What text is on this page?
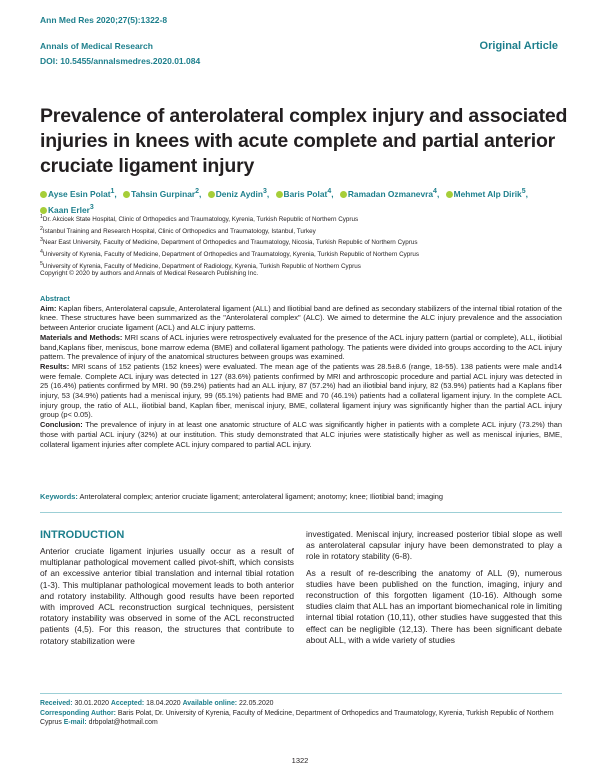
Ann Med Res 2020;27(5):1322-8
Annals of Medical Research
DOI: 10.5455/annalsmedres.2020.01.084
Original Article
Prevalence of anterolateral complex injury and associated injuries in knees with acute complete and partial anterior cruciate ligament injury
Ayse Esin Polat$^1$, Tahsin Gurpinar$^2$, Deniz Aydin$^3$, Baris Polat$^4$, Ramadan Ozmanevra$^4$, Mehmet Alp Dirik$^5$, Kaan Erler$^3$
$^1$Dr. Akcicek State Hospital, Clinic of Orthopedics and Traumatology, Kyrenia, Turkish Republic of Northern Cyprus
$^2$Istanbul Training and Research Hospital, Clinic of Orthopedics and Traumatology, Istanbul, Turkey
$^3$Near East University, Faculty of Medicine, Department of Orthopedics and Traumatology, Nicosia, Turkish Republic of Northern Cyprus
$^4$University of Kyrenia, Faculty of Medicine, Department of Orthopedics and Traumatology, Kyrenia, Turkish Republic of Northern Cyprus
$^5$University of Kyrenia, Faculty of Medicine, Department of Radiology, Kyrenia, Turkish Republic of Northern Cyprus
Copyright © 2020 by authors and Annals of Medical Research Publishing Inc.

Abstract

Aim: Kaplan fibers, Anterolateral capsule, Anterolateral ligament (ALL) and Iliotibial band are defined as secondary stabilizers of the internal tibial rotation of the knee. These structures have been summarized as the "Anterolateral complex" (ALC). We aimed to determine the ALC injury prevalence and the association between Anterior cruciate ligament (ACL) and ALC injury patterns.

Materials and Methods: MRI scans of ACL injuries were retrospectively evaluated for the presence of the ACL injury pattern (partial or complete), ALL, iliotibial band,Kaplans fiber, meniscus, bone marrow edema (BME) and collateral ligament pathology. The patients were divided into groups according to the ACL injury pattern. The prevalence of injury of the anatomical structures between groups was examined.

Results: MRI scans of 152 patients (152 knees) were evaluated. The mean age of the patients was 28.5±8.6 (range, 18-55). 138 patients were male and14 were female. Complete ACL injury was detected in 127 (83.6%) patients confirmed by MRI and arthroscopic procedure and partial ACL injury was detected in 25 (16.4%) patients confirmed by MRI. 90 (59.2%) patients had an ALL injury, 87 (57.2%) had an iliotibial band injury, 82 (53.9%) patients had a Kaplans fiber injury, 53 (34.9%) patients had a meniscal injury, 99 (65.1%) patients had BME and 70 (46.1%) patients had a collateral ligament injury. In the complete ACL injury group, the ratio of ALL, iliotibial band, Kaplan fiber, meniscal injury, BME, collateral ligament injury was significantly higher than the partial ACL injury group (p< 0.05).

Conclusion: The prevalence of injury in at least one anatomic structure of ALC was significantly higher in patients with a complete ACL injury (73.2%) than those with partial ACL injury (32%) at our institution. This study demonstrated that ALC injuries were statistically higher as well as meniscal injuries, BME, collateral ligament injuries after complete ACL injury compared to partial ACL injury.

Keywords: Anterolateral complex; anterior cruciate ligament; anterolateral ligament; anotomy; knee; Iliotibial band; imaging
INTRODUCTION

Anterior cruciate ligament injuries usually occur as a result of multiplanar pathological movement called pivot-shift, which consists of an excessive anterior tibial translation and internal tibial rotation (1-3). This multiplanar pathological movement leads to both anterior and rotatory instability. Although good results have been reported with improved ACL reconstruction surgical techniques, persistent rotatory instability was observed in some of the ACL reconstructed patients (4,5). For this reason, the structures that contribute to rotatory stabilization were

investigated. Meniscal injury, increased posterior tibial slope as well as anterolateral capsular injury have been demonstrated to play a role in rotatory stability (6-8).

As a result of re-describing the anatomy of ALL (9), numerous studies have been published on the function, imaging, injury and reconstruction of this forgotten ligament (10-16). Although some studies claim that ALL has an important biomechanical role in limiting internal tibial rotation (10,11), other studies have suggested that this effect can be negligible (12,13). There has been significant debate about ALL, with a wide variety of studies

Received: 30.01.2020 Accepted: 18.04.2020 Available online: 22.05.2020
Corresponding Author: Baris Polat, Dr. University of Kyrenia, Faculty of Medicine, Department of Orthopedics and Traumatology, Kyrenia, Turkish Republic of Northern Cyprus E-mail: drbpolat@hotmail.com
1322
